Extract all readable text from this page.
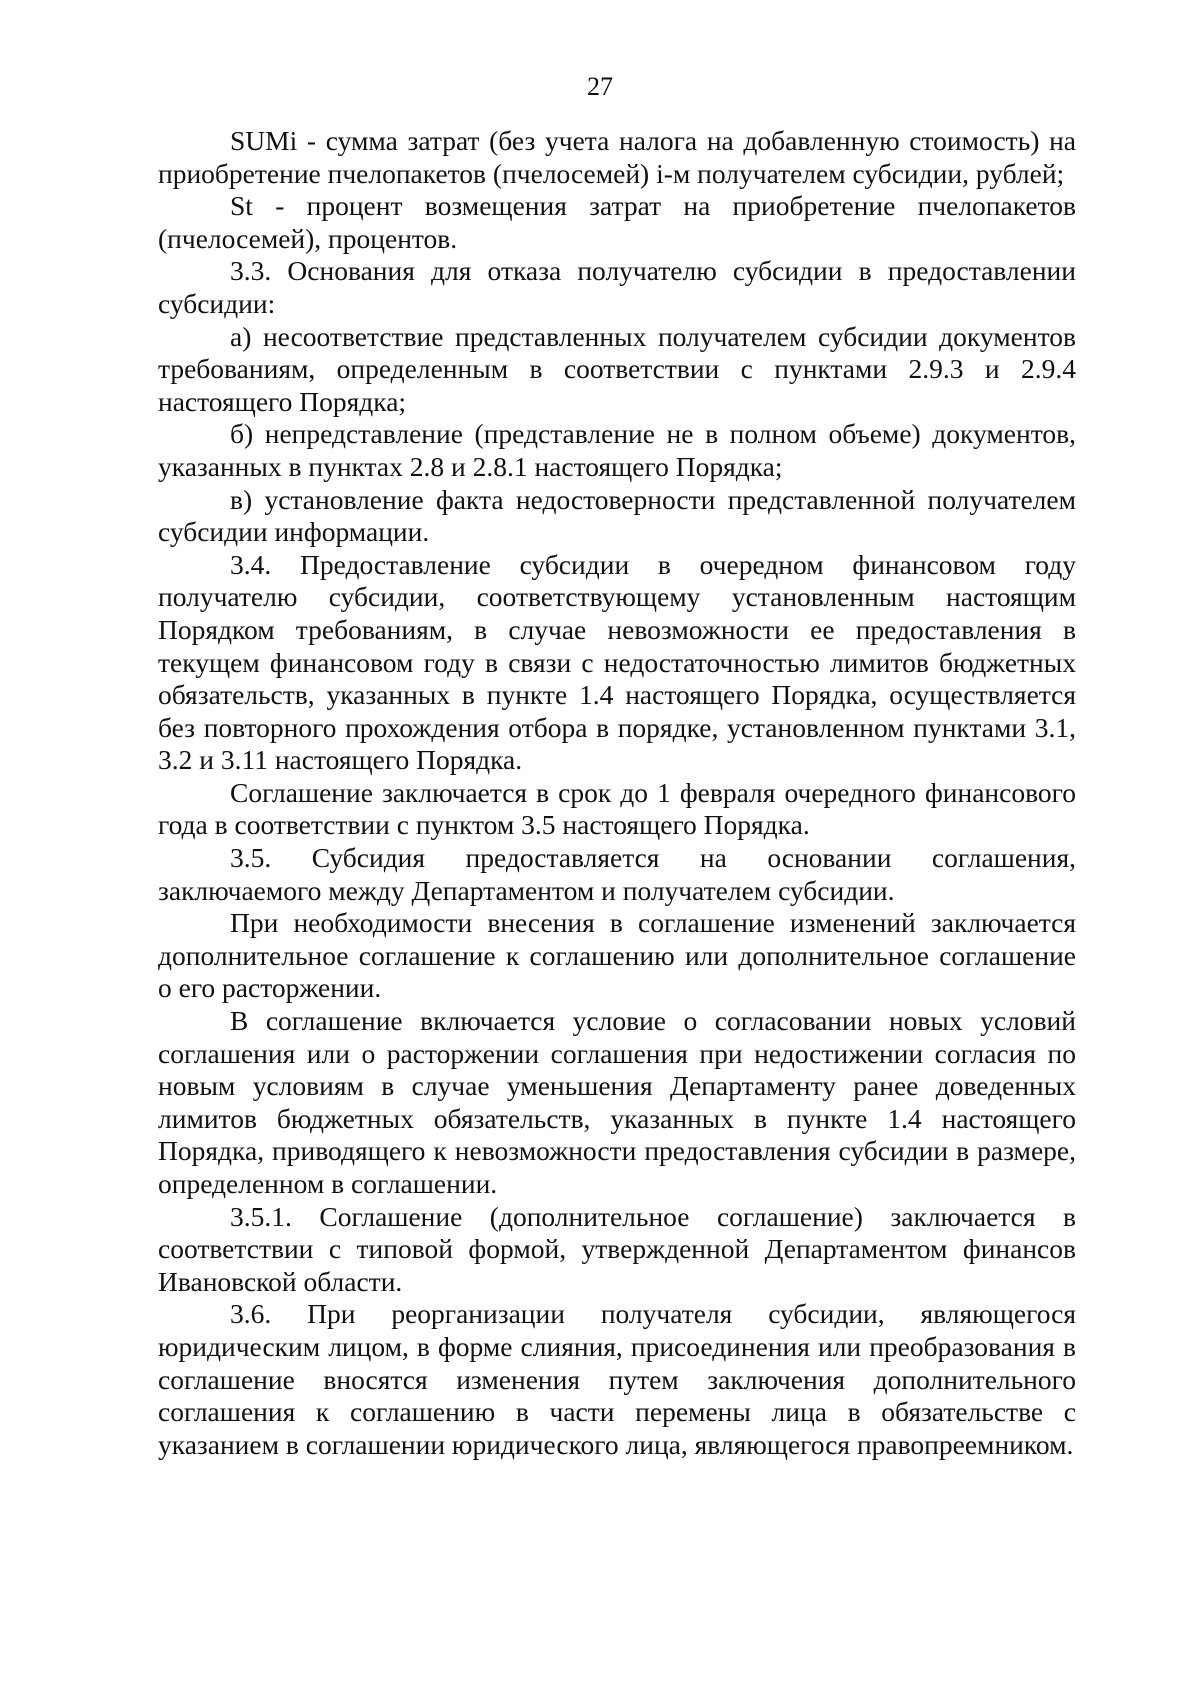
27

SUMi - сумма затрат (без учета налога на добавленную стоимость) на приобретение пчелопакетов (пчелосемей) i-м получателем субсидии, рублей;

St - процент возмещения затрат на приобретение пчелопакетов (пчелосемей), процентов.

3.3. Основания для отказа получателю субсидии в предоставлении субсидии:

а) несоответствие представленных получателем субсидии документов требованиям, определенным в соответствии с пунктами 2.9.3 и 2.9.4 настоящего Порядка;

б) непредставление (представление не в полном объеме) документов, указанных в пунктах 2.8 и 2.8.1 настоящего Порядка;

в) установление факта недостоверности представленной получателем субсидии информации.

3.4. Предоставление субсидии в очередном финансовом году получателю субсидии, соответствующему установленным настоящим Порядком требованиям, в случае невозможности ее предоставления в текущем финансовом году в связи с недостаточностью лимитов бюджетных обязательств, указанных в пункте 1.4 настоящего Порядка, осуществляется без повторного прохождения отбора в порядке, установленном пунктами 3.1, 3.2 и 3.11 настоящего Порядка.

Соглашение заключается в срок до 1 февраля очередного финансового года в соответствии с пунктом 3.5 настоящего Порядка.

3.5. Субсидия предоставляется на основании соглашения, заключаемого между Департаментом и получателем субсидии.

При необходимости внесения в соглашение изменений заключается дополнительное соглашение к соглашению или дополнительное соглашение о его расторжении.

В соглашение включается условие о согласовании новых условий соглашения или о расторжении соглашения при недостижении согласия по новым условиям в случае уменьшения Департаменту ранее доведенных лимитов бюджетных обязательств, указанных в пункте 1.4 настоящего Порядка, приводящего к невозможности предоставления субсидии в размере, определенном в соглашении.

3.5.1. Соглашение (дополнительное соглашение) заключается в соответствии с типовой формой, утвержденной Департаментом финансов Ивановской области.

3.6. При реорганизации получателя субсидии, являющегося юридическим лицом, в форме слияния, присоединения или преобразования в соглашение вносятся изменения путем заключения дополнительного соглашения к соглашению в части перемены лица в обязательстве с указанием в соглашении юридического лица, являющегося правопреемником.
